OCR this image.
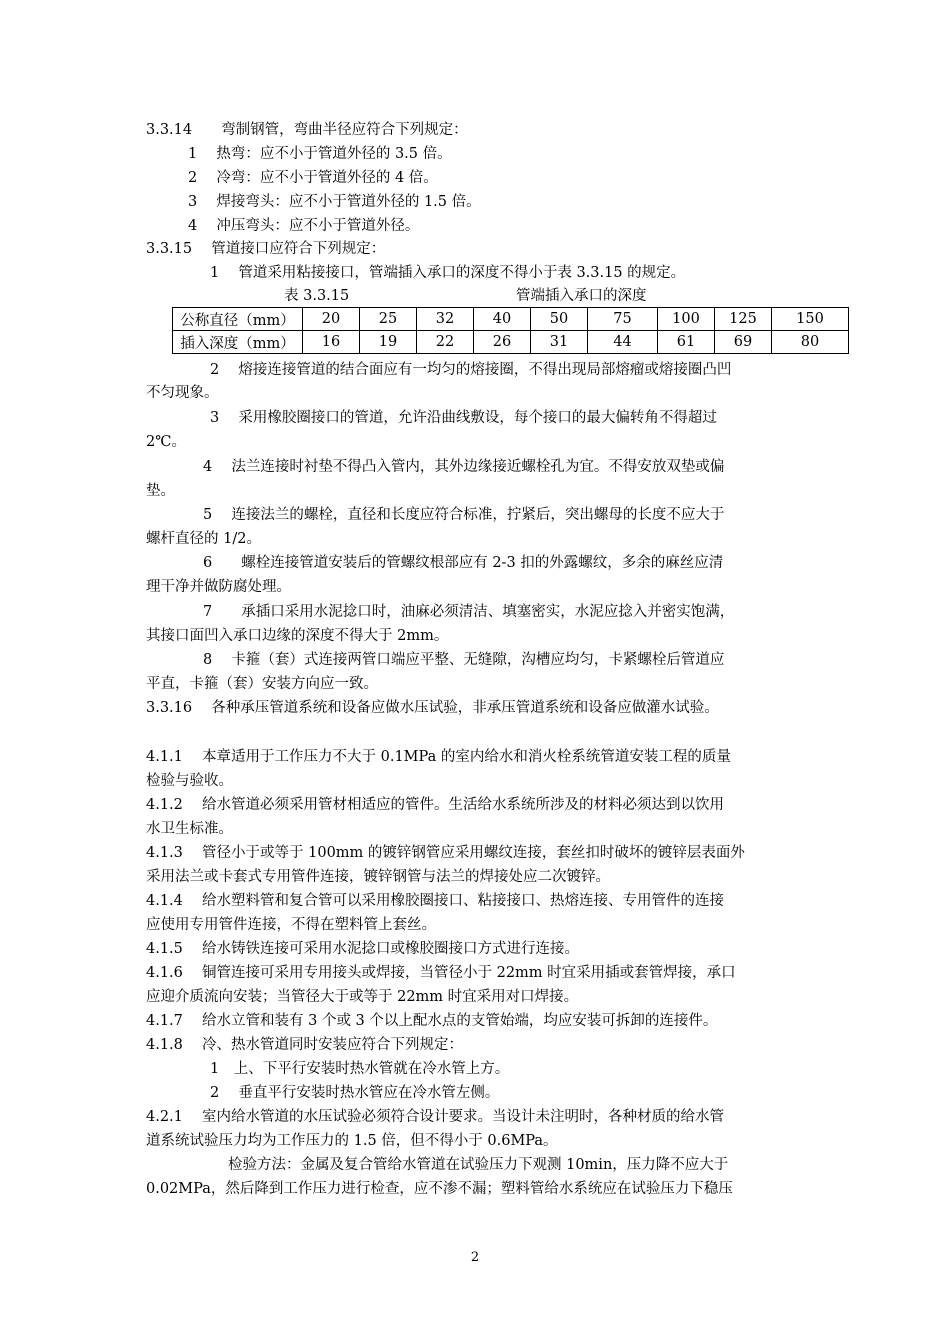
3.3.14　　弯制钢管，弯曲半径应符合下列规定：
1　 热弯：应不小于管道外径的 3.5 倍。
2　 冷弯：应不小于管道外径的 4 倍。
3　 焊接弯头：应不小于管道外径的 1.5 倍。
4　 冲压弯头：应不小于管道外径。
3.3.15　 管道接口应符合下列规定：
1　 管道采用粘接接口，管端插入承口的深度不得小于表 3.3.15 的规定。
2　 熔接连接管道的结合面应有一均匀的熔接圈，不得出现局部熔瘤或熔接圈凸凹
不匀现象。
3　 采用橡胶圈接口的管道，允许沿曲线敷设，每个接口的最大偏转角不得超过
2℃。
4　 法兰连接时衬垫不得凸入管内，其外边缘接近螺栓孔为宜。不得安放双垫或偏
垫。
5　 连接法兰的螺栓，直径和长度应符合标准，拧紧后，突出螺母的长度不应大于
螺杆直径的 1/2。
6　　螺栓连接管道安装后的管螺纹根部应有 2-3 扣的外露螺纹，多余的麻丝应清
理干净并做防腐处理。
7　　承插口采用水泥捻口时，油麻必须清洁、填塞密实，水泥应捻入并密实饱满，
其接口面凹入承口边缘的深度不得大于 2mm。
8　 卡箍（套）式连接两管口端应平整、无缝隙，沟槽应均匀，卡紧螺栓后管道应
平直，卡箍（套）安装方向应一致。
3.3.16　 各种承压管道系统和设备应做水压试验，非承压管道系统和设备应做灌水试验。
4.1.1　 本章适用于工作压力不大于 0.1MPa 的室内给水和消火栓系统管道安装工程的质量
检验与验收。
4.1.2　 给水管道必须采用管材相适应的管件。生活给水系统所涉及的材料必须达到以饮用
水卫生标准。
4.1.3　 管径小于或等于 100mm 的镀锌钢管应采用螺纹连接，套丝扣时破坏的镀锌层表面外
采用法兰或卡套式专用管件连接，镀锌钢管与法兰的焊接处应二次镀锌。
4.1.4　 给水塑料管和复合管可以采用橡胶圈接口、粘接接口、热熔连接、专用管件的连接
应使用专用管件连接，不得在塑料管上套丝。
4.1.5　 给水铸铁连接可采用水泥捻口或橡胶圈接口方式进行连接。
4.1.6　 铜管连接可采用专用接头或焊接，当管径小于 22mm 时宜采用插或套管焊接，承口
应迎介质流向安装；当管径大于或等于 22mm 时宜采用对口焊接。
4.1.7　 给水立管和装有 3 个或 3 个以上配水点的支管始端，均应安装可拆卸的连接件。
4.1.8　 冷、热水管道同时安装应符合下列规定：
1　上、下平行安装时热水管就在冷水管上方。
2　 垂直平行安装时热水管应在冷水管左侧。
4.2.1　 室内给水管道的水压试验必须符合设计要求。当设计未注明时，各种材质的给水管
道系统试验压力均为工作压力的 1.5 倍，但不得小于 0.6MPa。
检验方法：金属及复合管给水管道在试验压力下观测 10min，压力降不应大于
0.02MPa，然后降到工作压力进行检查，应不渗不漏；塑料管给水系统应在试验压力下稳压
表 3.3.15	管端插入承口的深度
公称直径（mm）	20	25	32	40	50	75	100	125	150
插入深度（mm）	16	19	22	26	31	44	61	69	80
2
